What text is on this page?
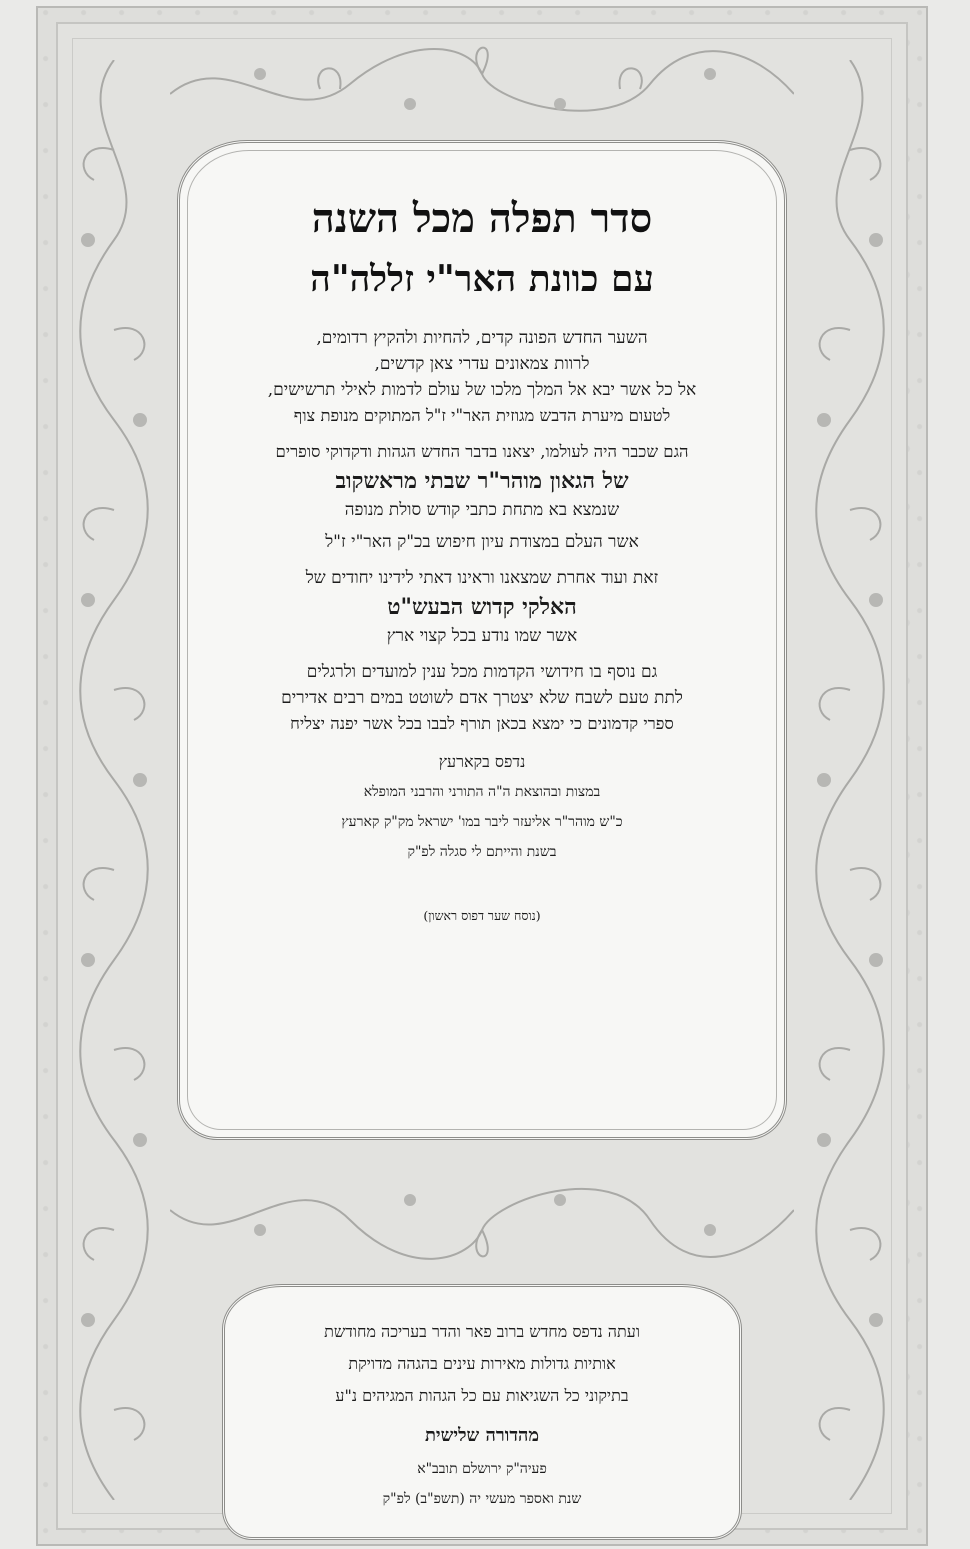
סדר תפלה מכל השנה

עם כוונת האר"י זללה"ה

השער החדש הפונה קדים, להחיות ולהקיץ רדומים,

לרוות צמאונים עדרי צאן קדשים,

אל כל אשר יבא אל המלך מלכו של עולם לדמות לאילי תרשישים,

לטעום מיערת הדבש מגוזית האר"י ז"ל המתוקים מנופת צוף

הגם שכבר היה לעולמו, יצאנו בדבר החדש הגהות ודקדוקי סופרים

של הגאון מוהר"ר שבתי מראשקוב

שנמצא בא מתחת כתבי קודש סולת מנופה

אשר העלם במצודת עיון חיפוש בכ"ק האר"י ז"ל

זאת ועוד אחרת שמצאנו וראינו דאתי לידינו יחודים של

האלקי קדוש הבעש"ט

אשר שמו נודע בכל קצוי ארץ

גם נוסף בו חידושי הקדמות מכל ענין למועדים ולרגלים

לתת טעם לשבח שלא יצטרך אדם לשוטט במים רבים אדירים

ספרי קדמונים כי ימצא בכאן תורף לבבו בכל אשר יפנה יצליח

נדפס בקארעץ

במצות ובהוצאת ה"ה התורני והרבני המופלא

כ"ש מוהר"ר אליעזר ליבר במו' ישראל מק"ק קארעץ

בשנת והייתם לי סגלה לפ"ק

(נוסח שער דפוס ראשון)

ועתה נדפס מחדש ברוב פאר והדר בעריכה מחודשת

אותיות גדולות מאירות עינים בהגהה מדויקת

בתיקוני כל השגיאות עם כל הגהות המגיהים נ"ע

מהדורה שלישית

פעיה"ק ירושלם תובב"א

שנת ואספר מעשי יה (תשפ"ב) לפ"ק
